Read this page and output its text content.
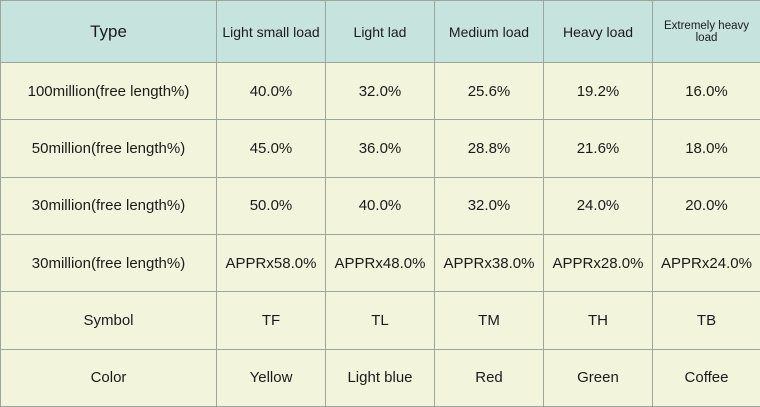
Type	Light small load	Light lad	Medium load	Heavy load	Extremely heavy load
100million(free length%)	40.0%	32.0%	25.6%	19.2%	16.0%
50million(free length%)	45.0%	36.0%	28.8%	21.6%	18.0%
30million(free length%)	50.0%	40.0%	32.0%	24.0%	20.0%
30million(free length%)	APPRx58.0%	APPRx48.0%	APPRx38.0%	APPRx28.0%	APPRx24.0%
Symbol	TF	TL	TM	TH	TB
Color	Yellow	Light blue	Red	Green	Coffee
